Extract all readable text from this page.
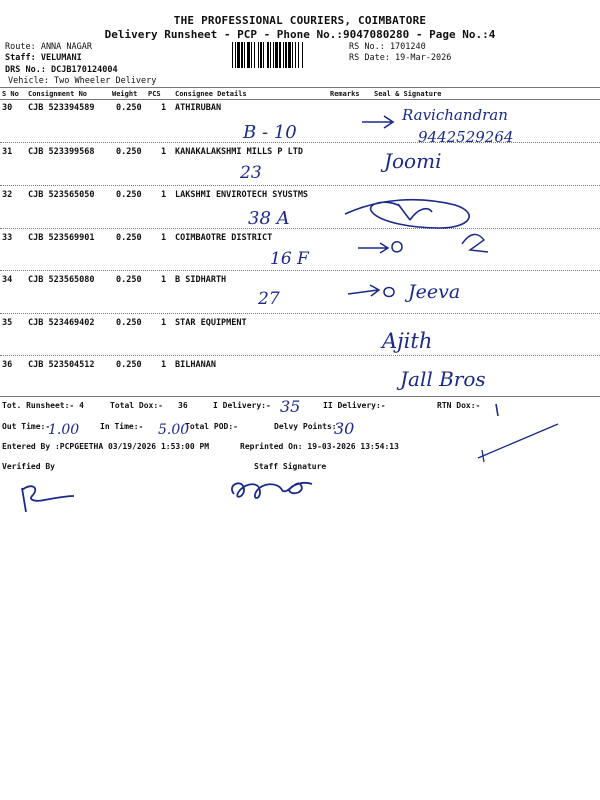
THE PROFESSIONAL COURIERS, COIMBATORE
Delivery Runsheet - PCP - Phone No.:9047080280 - Page No.:4
Route: ANNA NAGAR
Staff: VELUMANI
DRS No.: DCJB170124004
Vehicle: Two Wheeler Delivery
RS No.: 1701240
RS Date: 19-Mar-2026
S No Consignment No	Weight PCS Consignee Details	Remarks Seal & Signature
30 CJB 523394589	0.250 1 ATHIRUBAN
31 CJB 523399568	0.250 1 KANAKALAKSHMI MILLS P LTD
32 CJB 523565050	0.250 1 LAKSHMI ENVIROTECH SYUSTMS
33 CJB 523569901	0.250 1 COIMBAOTRE DISTRICT
34 CJB 523565080	0.250 1 B SIDHARTH
35 CJB 523469402	0.250 1 STAR EQUIPMENT
36 CJB 523504512	0.250 1 BILHANAN
Tot. Runsheet:- 4	Total Dox:- 36	I Delivery:-	II Delivery:-	RTN Dox:-
Out Time:-	In Time:-	Total POD:-	Delvy Points:-
Entered By :PCPGEETHA 03/19/2026 1:53:00 PM	Reprinted On: 19-03-2026 13:54:13
Verified By	Staff Signature
B - 10
Ravichandran
9442529264
23	Joomi
38 A
16 F
27	Jeeva
Ajith
Jall Bros
35
1.00	5.00	30
